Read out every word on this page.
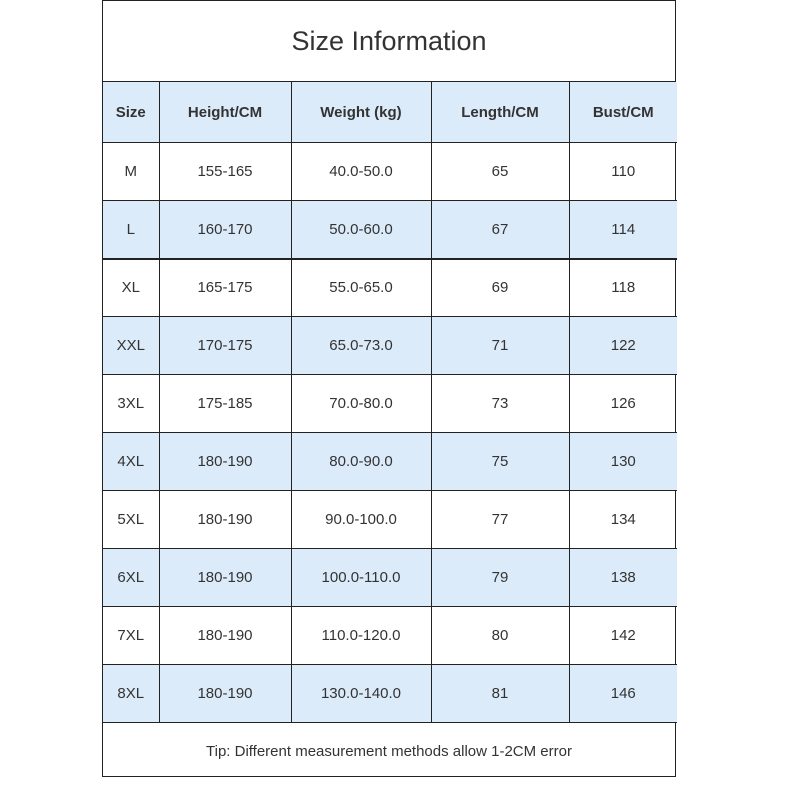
Size Information
Size	Height/CM	Weight (kg)	Length/CM	Bust/CM
M	155-165	40.0-50.0	65	110
L	160-170	50.0-60.0	67	114
XL	165-175	55.0-65.0	69	118
XXL	170-175	65.0-73.0	71	122
3XL	175-185	70.0-80.0	73	126
4XL	180-190	80.0-90.0	75	130
5XL	180-190	90.0-100.0	77	134
6XL	180-190	100.0-110.0	79	138
7XL	180-190	110.0-120.0	80	142
8XL	180-190	130.0-140.0	81	146
Tip: Different measurement methods allow 1-2CM error
